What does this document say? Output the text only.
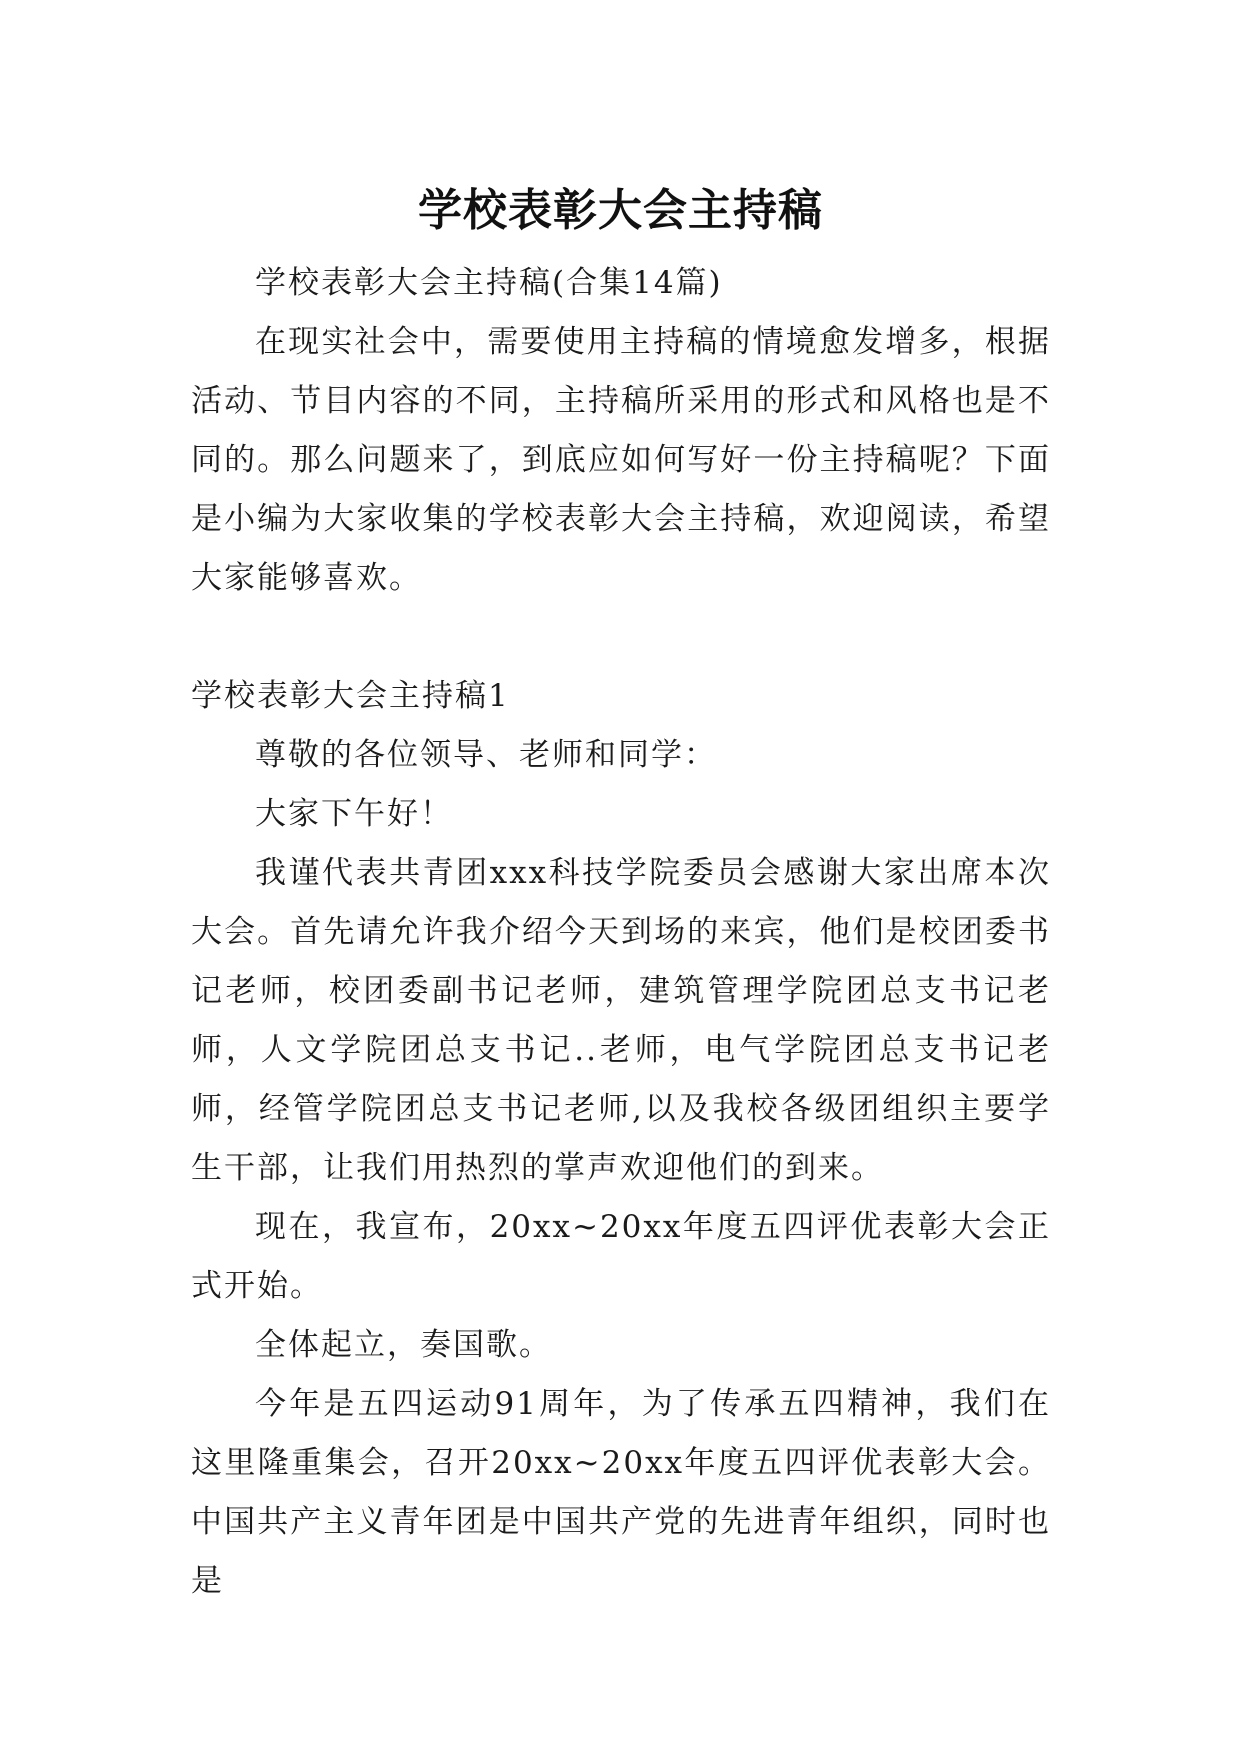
学校表彰大会主持稿

学校表彰大会主持稿(合集14篇)

在现实社会中，需要使用主持稿的情境愈发增多，根据活动、节目内容的不同，主持稿所采用的形式和风格也是不同的。那么问题来了，到底应如何写好一份主持稿呢？下面是小编为大家收集的学校表彰大会主持稿，欢迎阅读，希望大家能够喜欢。

学校表彰大会主持稿1

尊敬的各位领导、老师和同学：

大家下午好！

我谨代表共青团xxx科技学院委员会感谢大家出席本次大会。首先请允许我介绍今天到场的来宾，他们是校团委书记老师，校团委副书记老师，建筑管理学院团总支书记老师，人文学院团总支书记..老师，电气学院团总支书记老师，经管学院团总支书记老师,以及我校各级团组织主要学生干部，让我们用热烈的掌声欢迎他们的到来。

现在，我宣布，20xx~20xx年度五四评优表彰大会正式开始。

全体起立，奏国歌。

今年是五四运动91周年，为了传承五四精神，我们在这里隆重集会，召开20xx~20xx年度五四评优表彰大会。中国共产主义青年团是中国共产党的先进青年组织，同时也是
